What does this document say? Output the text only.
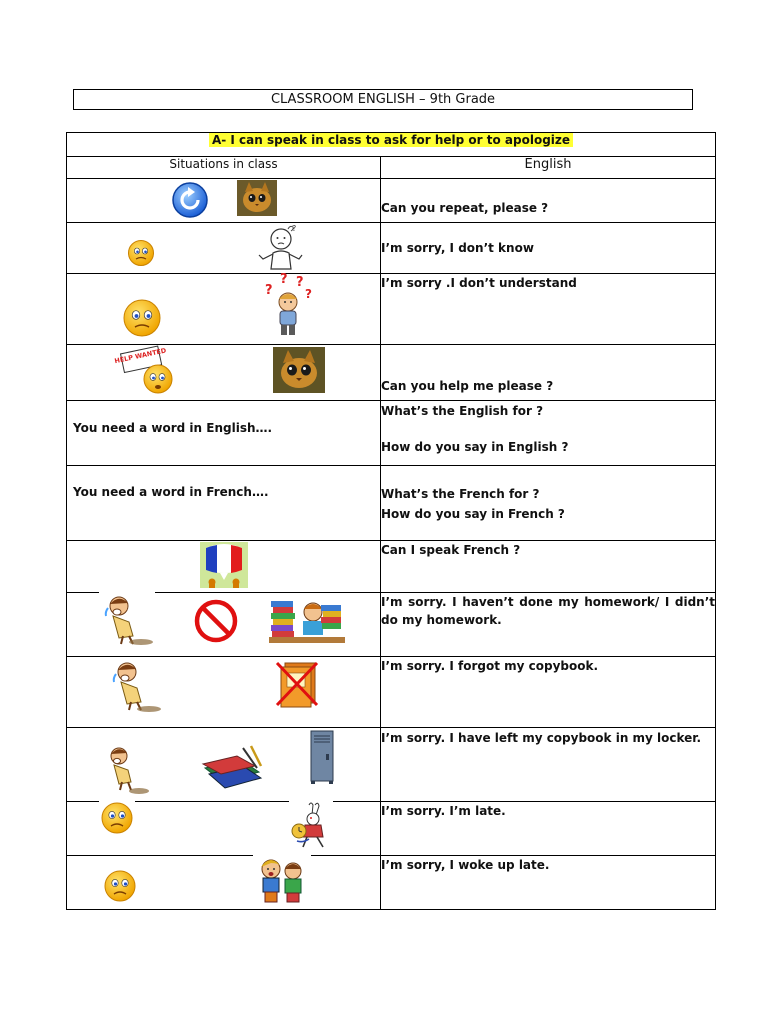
CLASSROOM ENGLISH – 9th Grade
A- I can speak in class to ask for help or to apologize	
Situations in class	English

Can you repeat, please ?

?	I’m sorry, I don’t know

?
? ?
?	I’m sorry .I don’t understand

HELP WANTED	Can you help me please ?

You need a word in English….	What’s the English for ?
How do you say in English ?

You need a word in French….	What’s the French for ?
How do you say in French ?

Can I speak French ?

I’m sorry. I haven’t done my homework/ I didn’t do my homework.

I’m sorry. I forgot my copybook.

I’m sorry. I have left my copybook in my locker.

I’m sorry. I’m late.

I’m sorry, I woke up late.
